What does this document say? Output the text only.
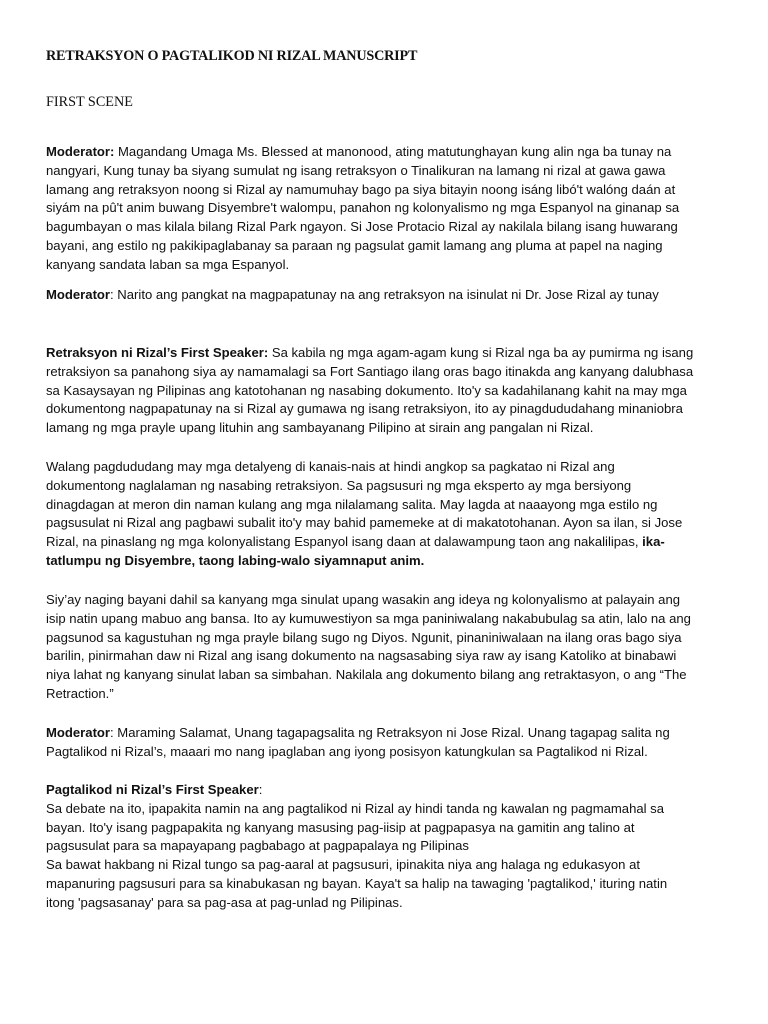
RETRAKSYON O PAGTALIKOD NI RIZAL MANUSCRIPT
FIRST SCENE
Moderator: Magandang Umaga Ms. Blessed at manonood, ating matutunghayan kung alin nga ba tunay na
nangyari, Kung tunay ba siyang sumulat ng isang retraksyon o Tinalikuran na lamang ni rizal at gawa gawa
lamang ang retraksyon noong si Rizal ay namumuhay bago pa siya bitayin noong isáng libó't walóng daán at
siyám na pû't anim buwang Disyembre't walompu, panahon ng kolonyalismo ng mga Espanyol na ginanap sa
bagumbayan o mas kilala bilang Rizal Park ngayon. Si Jose Protacio Rizal ay nakilala bilang isang huwarang
bayani, ang estilo ng pakikipaglabanay sa paraan ng pagsulat gamit lamang ang pluma at papel na naging
kanyang sandata laban sa mga Espanyol.
Moderator: Narito ang pangkat na magpapatunay na ang retraksyon na isinulat ni Dr. Jose Rizal ay tunay
Retraksyon ni Rizal’s First Speaker: Sa kabila ng mga agam-agam kung si Rizal nga ba ay pumirma ng isang
retraksiyon sa panahong siya ay namamalagi sa Fort Santiago ilang oras bago itinakda ang kanyang dalubhasa
sa Kasaysayan ng Pilipinas ang katotohanan ng nasabing dokumento. Ito'y sa kadahilanang kahit na may mga
dokumentong nagpapatunay na si Rizal ay gumawa ng isang retraksiyon, ito ay pinagdududahang minaniobra
lamang ng mga prayle upang lituhin ang sambayanang Pilipino at sirain ang pangalan ni Rizal.
Walang pagdududang may mga detalyeng di kanais-nais at hindi angkop sa pagkatao ni Rizal ang
dokumentong naglalaman ng nasabing retraksiyon. Sa pagsusuri ng mga eksperto ay mga bersiyong
dinagdagan at meron din naman kulang ang mga nilalamang salita. May lagda at naaayong mga estilo ng
pagsusulat ni Rizal ang pagbawi subalit ito'y may bahid pamemeke at di makatotohanan. Ayon sa ilan, si Jose
Rizal, na pinaslang ng mga kolonyalistang Espanyol isang daan at dalawampung taon ang nakalilipas, ika-
tatlumpu ng Disyembre, taong labing-walo siyamnaput anim.
Siy’ay naging bayani dahil sa kanyang mga sinulat upang wasakin ang ideya ng kolonyalismo at palayain ang
isip natin upang mabuo ang bansa. Ito ay kumuwestiyon sa mga paniniwalang nakabubulag sa atin, lalo na ang
pagsunod sa kagustuhan ng mga prayle bilang sugo ng Diyos. Ngunit, pinaniniwalaan na ilang oras bago siya
barilin, pinirmahan daw ni Rizal ang isang dokumento na nagsasabing siya raw ay isang Katoliko at binabawi
niya lahat ng kanyang sinulat laban sa simbahan. Nakilala ang dokumento bilang ang retraktasyon, o ang “The
Retraction.”
Moderator: Maraming Salamat, Unang tagapagsalita ng Retraksyon ni Jose Rizal. Unang tagapag salita ng
Pagtalikod ni Rizal’s, maaari mo nang ipaglaban ang iyong posisyon katungkulan sa Pagtalikod ni Rizal.
Pagtalikod ni Rizal’s First Speaker:
Sa debate na ito, ipapakita namin na ang pagtalikod ni Rizal ay hindi tanda ng kawalan ng pagmamahal sa
bayan. Ito'y isang pagpapakita ng kanyang masusing pag-iisip at pagpapasya na gamitin ang talino at
pagsusulat para sa mapayapang pagbabago at pagpapalaya ng Pilipinas
Sa bawat hakbang ni Rizal tungo sa pag-aaral at pagsusuri, ipinakita niya ang halaga ng edukasyon at
mapanuring pagsusuri para sa kinabukasan ng bayan. Kaya't sa halip na tawaging 'pagtalikod,' ituring natin
itong 'pagsasanay' para sa pag-asa at pag-unlad ng Pilipinas.
